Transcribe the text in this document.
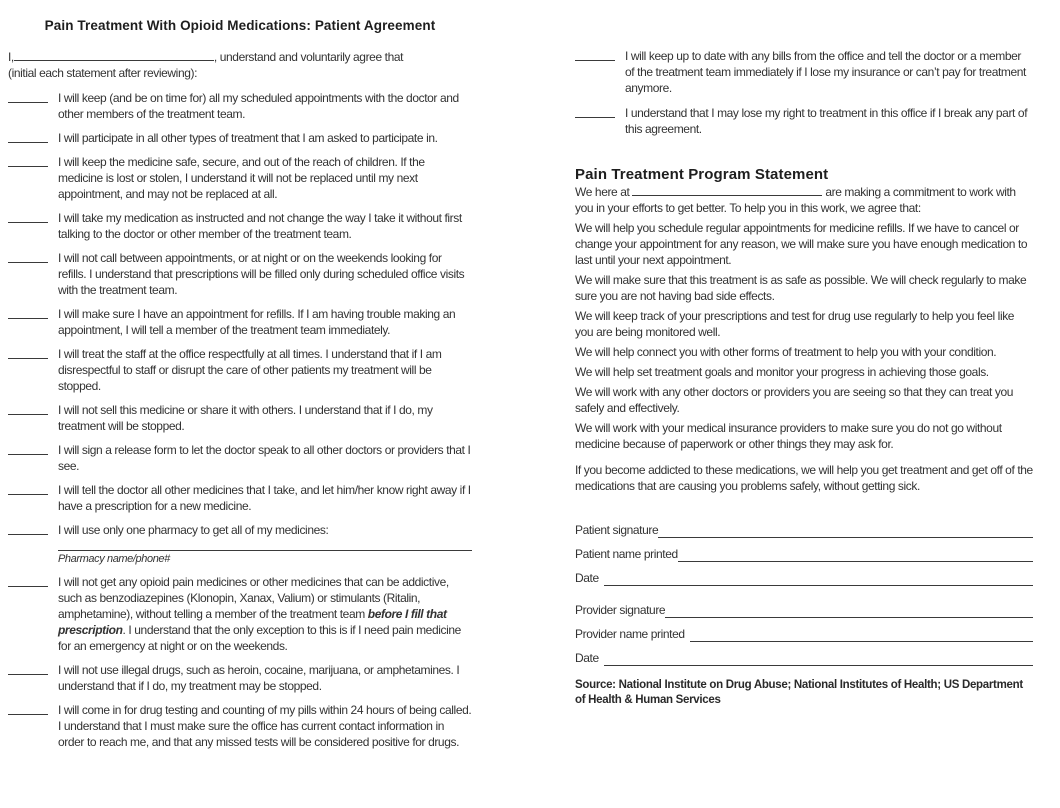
Pain Treatment With Opioid Medications: Patient Agreement

I,	, understand and voluntarily agree that
(initial each statement after reviewing):

I will keep (and be on time for) all my scheduled appointments with the doctor and other members of the treatment team.

I will participate in all other types of treatment that I am asked to participate in.

I will keep the medicine safe, secure, and out of the reach of children. If the medicine is lost or stolen, I understand it will not be replaced until my next appointment, and may not be replaced at all.

I will take my medication as instructed and not change the way I take it without first talking to the doctor or other member of the treatment team.

I will not call between appointments, or at night or on the weekends looking for refills. I understand that prescriptions will be filled only during scheduled office visits with the treatment team.

I will make sure I have an appointment for refills. If I am having trouble making an appointment, I will tell a member of the treatment team immediately.

I will treat the staff at the office respectfully at all times. I understand that if I am disrespectful to staff or disrupt the care of other patients my treatment will be stopped.

I will not sell this medicine or share it with others. I understand that if I do, my treatment will be stopped.

I will sign a release form to let the doctor speak to all other doctors or providers that I see.

I will tell the doctor all other medicines that I take, and let him/her know right away if I have a prescription for a new medicine.

I will use only one pharmacy to get all of my medicines:

Pharmacy name/phone#

I will not get any opioid pain medicines or other medicines that can be addictive, such as benzodiazepines (Klonopin, Xanax, Valium) or stimulants (Ritalin, amphetamine), without telling a member of the treatment team before I fill that prescription. I understand that the only exception to this is if I need pain medicine for an emergency at night or on the weekends.

I will not use illegal drugs, such as heroin, cocaine, marijuana, or amphetamines. I understand that if I do, my treatment may be stopped.

I will come in for drug testing and counting of my pills within 24 hours of being called. I understand that I must make sure the office has current contact information in order to reach me, and that any missed tests will be considered positive for drugs.

I will keep up to date with any bills from the office and tell the doctor or a member of the treatment team immediately if I lose my insurance or can’t pay for treatment anymore.

I understand that I may lose my right to treatment in this office if I break any part of this agreement.

Pain Treatment Program Statement

We here at	are making a commitment to work with you in your efforts to get better. To help you in this work, we agree that:

We will help you schedule regular appointments for medicine refills. If we have to cancel or change your appointment for any reason, we will make sure you have enough medication to last until your next appointment.

We will make sure that this treatment is as safe as possible. We will check regularly to make sure you are not having bad side effects.

We will keep track of your prescriptions and test for drug use regularly to help you feel like you are being monitored well.

We will help connect you with other forms of treatment to help you with your condition.

We will help set treatment goals and monitor your progress in achieving those goals.

We will work with any other doctors or providers you are seeing so that they can treat you safely and effectively.

We will work with your medical insurance providers to make sure you do not go without medicine because of paperwork or other things they may ask for.

If you become addicted to these medications, we will help you get treatment and get off of the medications that are causing you problems safely, without getting sick.

Patient signature
Patient name printed
Date
Provider signature
Provider name printed
Date

Source: National Institute on Drug Abuse; National Institutes of Health; US Department of Health & Human Services
